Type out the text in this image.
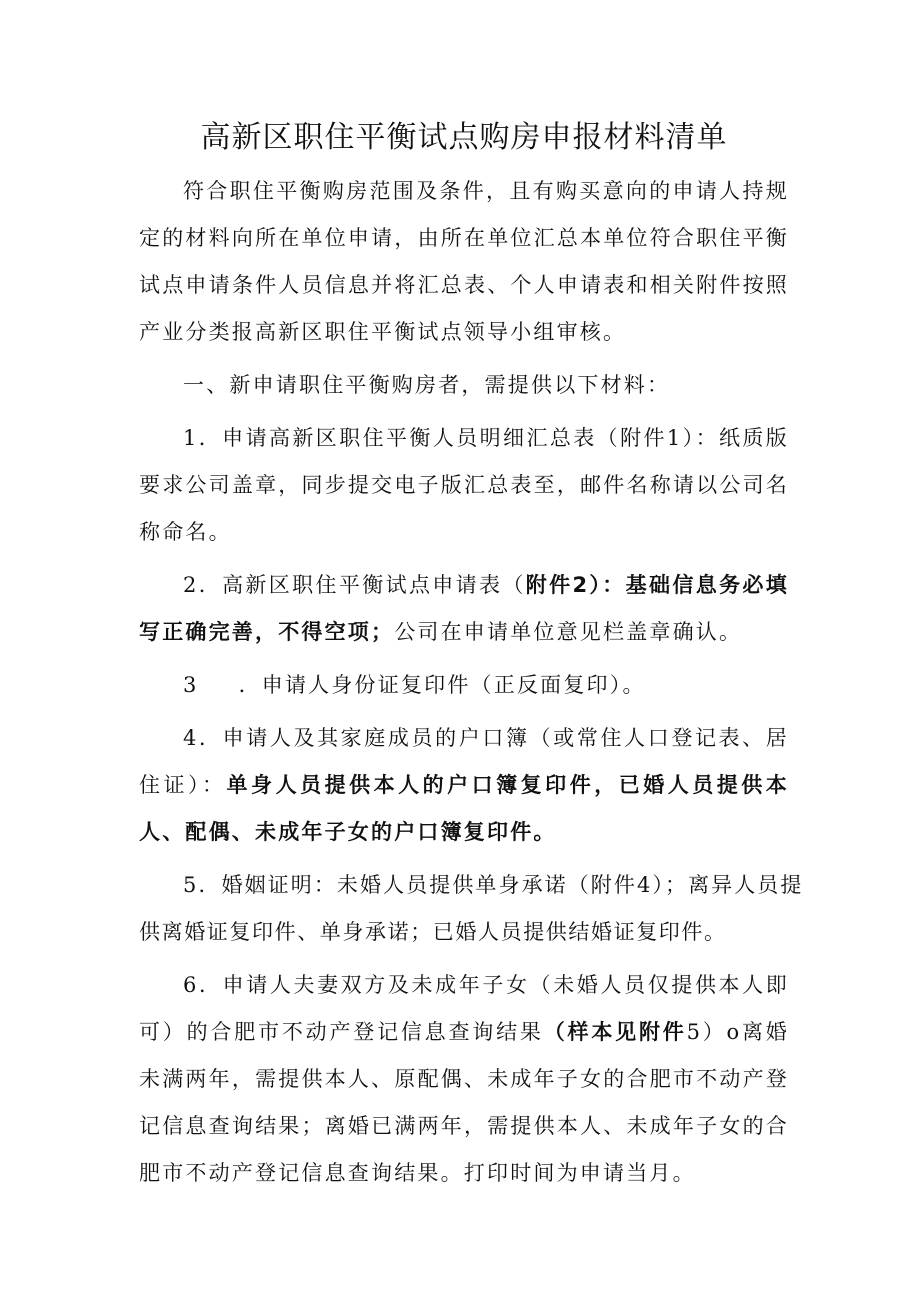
高新区职住平衡试点购房申报材料清单

符合职住平衡购房范围及条件，且有购买意向的申请人持规定的材料向所在单位申请，由所在单位汇总本单位符合职住平衡试点申请条件人员信息并将汇总表、个人申请表和相关附件按照产业分类报高新区职住平衡试点领导小组审核。

一、新申请职住平衡购房者，需提供以下材料：

1．申请高新区职住平衡人员明细汇总表（附件1）：纸质版要求公司盖章，同步提交电子版汇总表至，邮件名称请以公司名称命名。

2．高新区职住平衡试点申请表（附件2）：基础信息务必填写正确完善，不得空项；公司在申请单位意见栏盖章确认。

3 ．申请人身份证复印件（正反面复印）。

4．申请人及其家庭成员的户口簿（或常住人口登记表、居住证）：单身人员提供本人的户口簿复印件，已婚人员提供本人、配偶、未成年子女的户口簿复印件。

5．婚姻证明：未婚人员提供单身承诺（附件4）；离异人员提供离婚证复印件、单身承诺；已婚人员提供结婚证复印件。

6．申请人夫妻双方及未成年子女（未婚人员仅提供本人即可）的合肥市不动产登记信息查询结果（样本见附件5）o离婚未满两年，需提供本人、原配偶、未成年子女的合肥市不动产登记信息查询结果；离婚已满两年，需提供本人、未成年子女的合肥市不动产登记信息查询结果。打印时间为申请当月。
